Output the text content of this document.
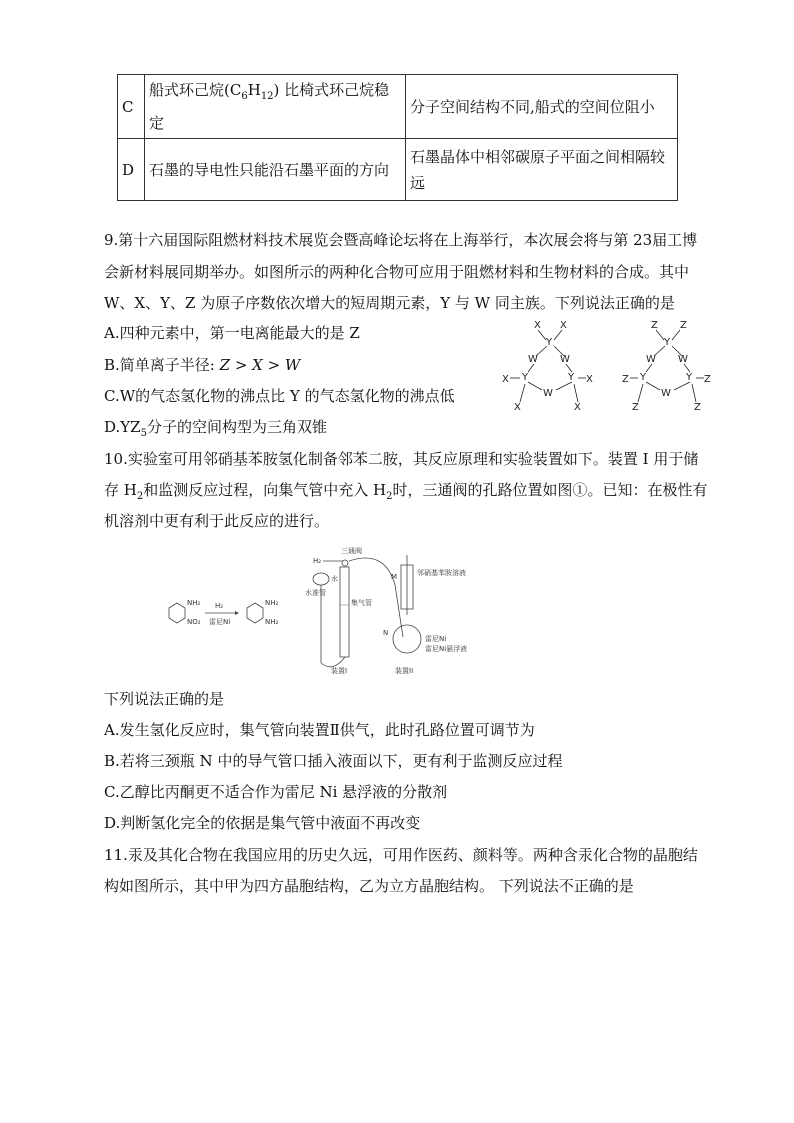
C	船式环己烷$(C_6H_{12})$ 比椅式环己烷稳定	分子空间结构不同,船式的空间位阻小
D	石墨的导电性只能沿石墨平面的方向	石墨晶体中相邻碳原子平面之间相隔较远
9.第十六届国际阻燃材料技术展览会暨高峰论坛将在上海举行，本次展会将与第 23届工博
会新材料展同期举办。如图所示的两种化合物可应用于阻燃材料和生物材料的合成。其中
W、X、Y、Z 为原子序数依次增大的短周期元素，Y 与 W 同主族。下列说法正确的是
A.四种元素中，第一电离能最大的是 Z
B.简单离子半径: Z > X > W
C.W的气态氢化物的沸点比 Y 的气态氢化物的沸点低
$D.YZ_5$分子的空间构型为三角双锥
Y
Y	Y
W W
W
X X
X
X
X
X
Y
Y	Y
W W
W
Z Z
Z
Z
Z
Z
10.实验室可用邻硝基苯胺氢化制备邻苯二胺，其反应原理和实验装置如下。装置 I 用于储
存 $H_2$和监测反应过程，向集气管中充入 $H_2$时，三通阀的孔路位置如图①。已知：在极性有
机溶剂中更有利于此反应的进行。
NH₂
NO₂
H₂
雷尼Ni
NH₂
NH₂
H₂
三通阀
集气管
水
水准管
装置I
M	邻硝基苯胺溶液
N
雷尼Ni
雷尼Ni悬浮液
装置II
下列说法正确的是
A.发生氢化反应时，集气管向装置Ⅱ供气，此时孔路位置可调节为
B.若将三颈瓶 N 中的导气管口插入液面以下，更有利于监测反应过程
C.乙醇比丙酮更不适合作为雷尼 Ni 悬浮液的分散剂
D.判断氢化完全的依据是集气管中液面不再改变
11.汞及其化合物在我国应用的历史久远，可用作医药、颜料等。两种含汞化合物的晶胞结
构如图所示，其中甲为四方晶胞结构，乙为立方晶胞结构。 下列说法不正确的是
